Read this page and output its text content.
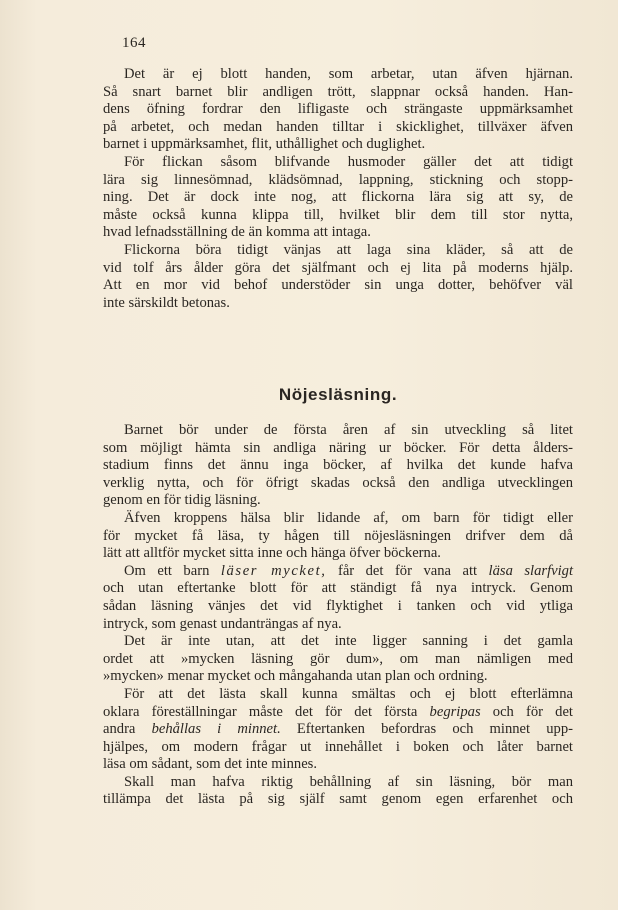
164

Det är ej blott handen, som arbetar, utan äfven hjärnan.

Så snart barnet blir andligen trött, slappnar också handen. Han-

dens öfning fordrar den lifligaste och strängaste uppmärksamhet

på arbetet, och medan handen tilltar i skicklighet, tillväxer äfven

barnet i uppmärksamhet, flit, uthållighet och duglighet.

För flickan såsom blifvande husmoder gäller det att tidigt

lära sig linnesömnad, klädsömnad, lappning, stickning och stopp-

ning. Det är dock inte nog, att flickorna lära sig att sy, de

måste också kunna klippa till, hvilket blir dem till stor nytta,

hvad lefnadsställning de än komma att intaga.

Flickorna böra tidigt vänjas att laga sina kläder, så att de

vid tolf års ålder göra det själfmant och ej lita på moderns hjälp.

Att en mor vid behof understöder sin unga dotter, behöfver väl

inte särskildt betonas.

Nöjesläsning.

Barnet bör under de första åren af sin utveckling så litet

som möjligt hämta sin andliga näring ur böcker. För detta ålders-

stadium finns det ännu inga böcker, af hvilka det kunde hafva

verklig nytta, och för öfrigt skadas också den andliga utvecklingen

genom en för tidig läsning.

Äfven kroppens hälsa blir lidande af, om barn för tidigt eller

för mycket få läsa, ty hågen till nöjesläsningen drifver dem då

lätt att alltför mycket sitta inne och hänga öfver böckerna.

Om ett barn läser mycket, får det för vana att läsa slarfvigt

och utan eftertanke blott för att ständigt få nya intryck. Genom

sådan läsning vänjes det vid flyktighet i tanken och vid ytliga

intryck, som genast undanträngas af nya.

Det är inte utan, att det inte ligger sanning i det gamla

ordet att »mycken läsning gör dum», om man nämligen med

»mycken» menar mycket och mångahanda utan plan och ordning.

För att det lästa skall kunna smältas och ej blott efterlämna

oklara föreställningar måste det för det första begripas och för det

andra behållas i minnet. Eftertanken befordras och minnet upp-

hjälpes, om modern frågar ut innehållet i boken och låter barnet

läsa om sådant, som det inte minnes.

Skall man hafva riktig behållning af sin läsning, bör man

tillämpa det lästa på sig själf samt genom egen erfarenhet och
